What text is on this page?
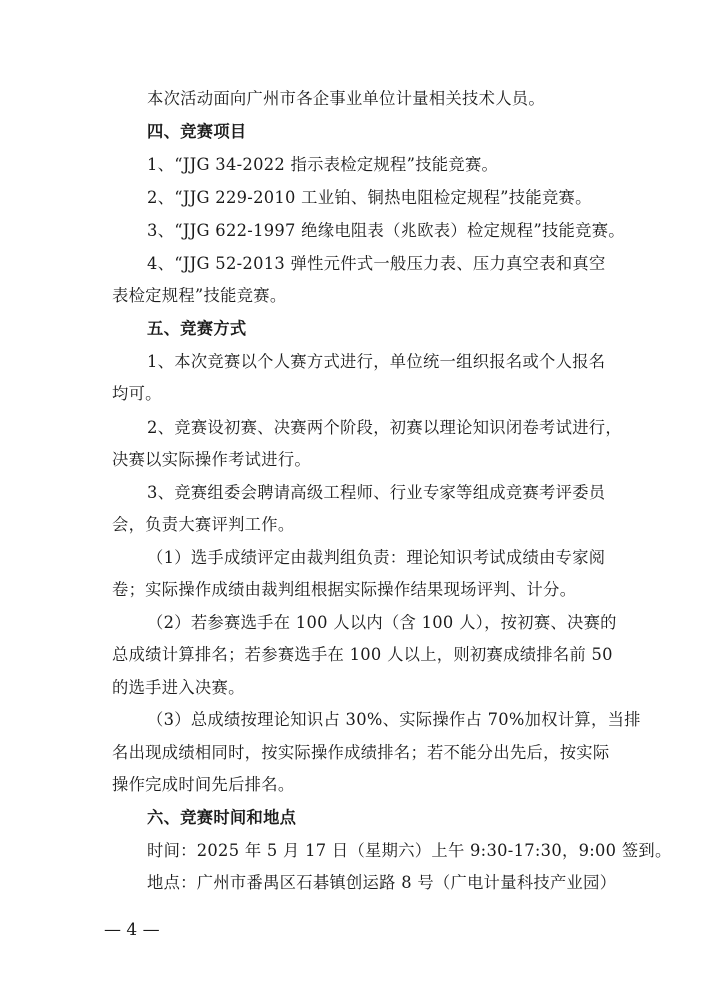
本次活动面向广州市各企事业单位计量相关技术人员。
四、竞赛项目
1、“JJG 34-2022 指示表检定规程”技能竞赛。
2、“JJG 229-2010 工业铂、铜热电阻检定规程”技能竞赛。
3、“JJG 622-1997 绝缘电阻表（兆欧表）检定规程”技能竞赛。
4、“JJG 52-2013 弹性元件式一般压力表、压力真空表和真空
表检定规程”技能竞赛。
五、竞赛方式
1、本次竞赛以个人赛方式进行，单位统一组织报名或个人报名
均可。
2、竞赛设初赛、决赛两个阶段，初赛以理论知识闭卷考试进行，
决赛以实际操作考试进行。
3、竞赛组委会聘请高级工程师、行业专家等组成竞赛考评委员
会，负责大赛评判工作。
（1）选手成绩评定由裁判组负责：理论知识考试成绩由专家阅
卷；实际操作成绩由裁判组根据实际操作结果现场评判、计分。
（2）若参赛选手在 100 人以内（含 100 人），按初赛、决赛的
总成绩计算排名；若参赛选手在 100 人以上，则初赛成绩排名前 50
的选手进入决赛。
（3）总成绩按理论知识占 30%、实际操作占 70%加权计算，当排
名出现成绩相同时，按实际操作成绩排名；若不能分出先后，按实际
操作完成时间先后排名。
六、竞赛时间和地点
时间：2025 年 5 月 17 日（星期六）上午 9:30-17:30，9:00 签到。
地点：广州市番禺区石碁镇创运路 8 号（广电计量科技产业园）
— 4 —
